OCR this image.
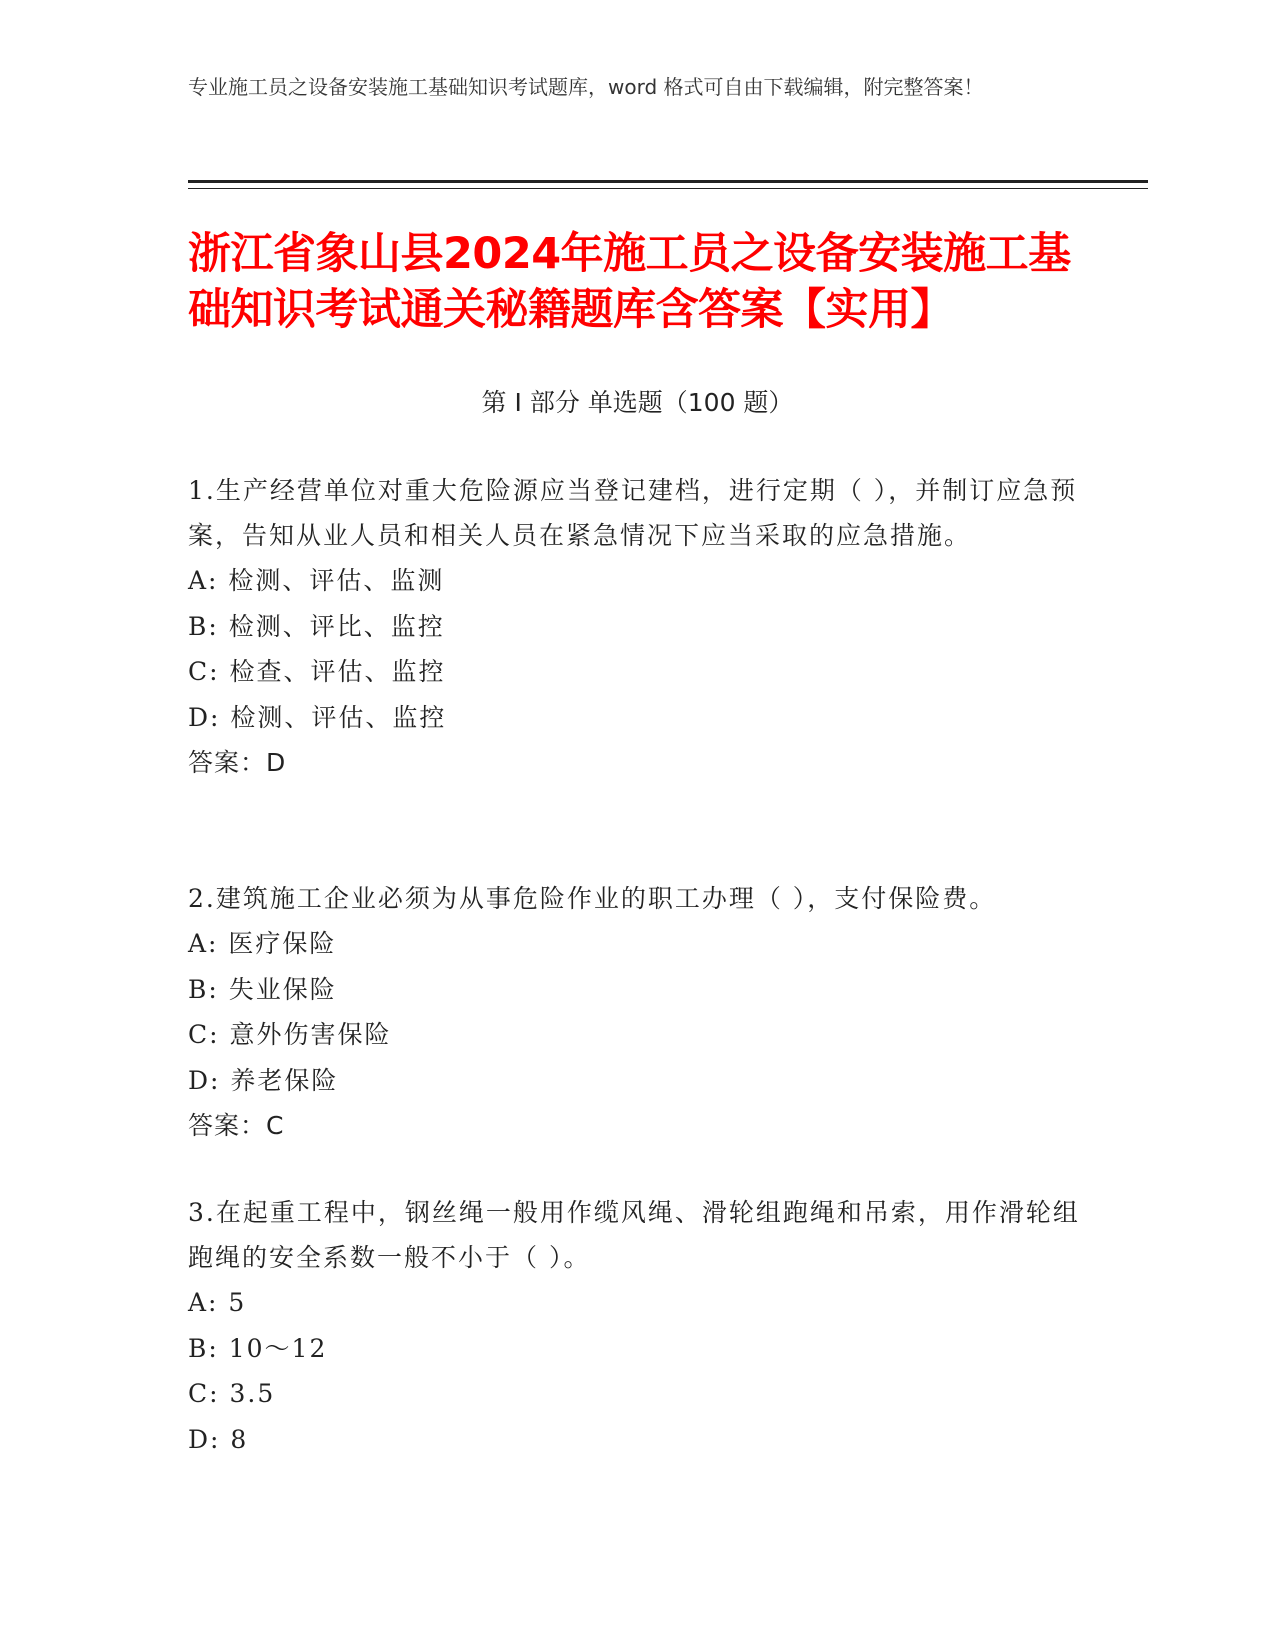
专业施工员之设备安装施工基础知识考试题库，word 格式可自由下载编辑，附完整答案！
浙江省象山县2024年施工员之设备安装施工基础知识考试通关秘籍题库含答案【实用】
第 I 部分 单选题（100 题）
1.生产经营单位对重大危险源应当登记建档，进行定期（ ），并制订应急预案，告知从业人员和相关人员在紧急情况下应当采取的应急措施。
A: 检测、评估、监测
B: 检测、评比、监控
C: 检查、评估、监控
D: 检测、评估、监控
答案：D
2.建筑施工企业必须为从事危险作业的职工办理（ ），支付保险费。
A: 医疗保险
B: 失业保险
C: 意外伤害保险
D: 养老保险
答案：C
3.在起重工程中，钢丝绳一般用作缆风绳、滑轮组跑绳和吊索，用作滑轮组跑绳的安全系数一般不小于（ ）。
A: 5
B: 10～12
C: 3.5
D: 8
